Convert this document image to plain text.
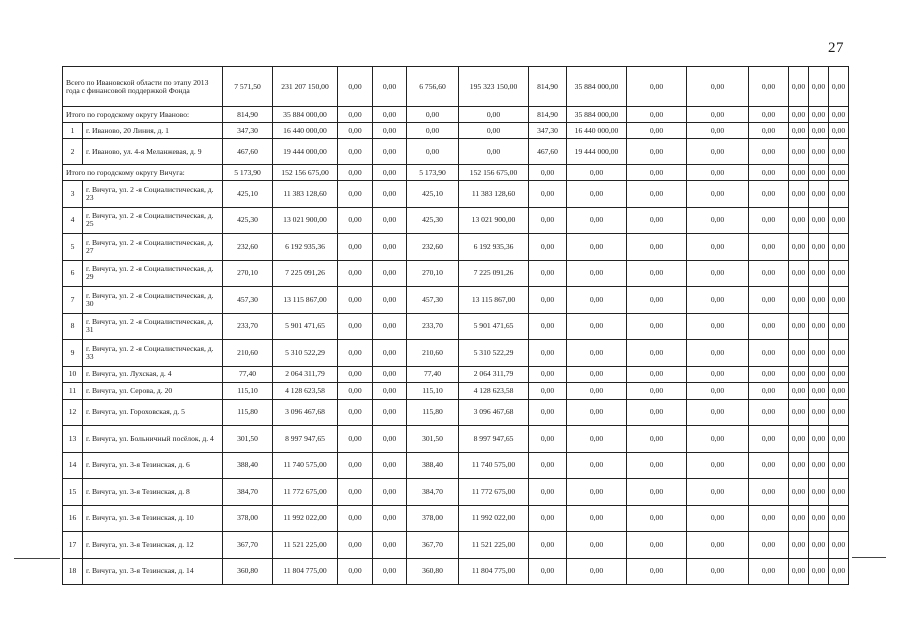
27
Всего по Ивановской области по этапу 2013 года с финансовой поддержкой Фонда		7 571,50	231 207 150,00	0,00	0,00	6 756,60	195 323 150,00	814,90	35 884 000,00	0,00	0,00	0,00	0,00	0,00	0,00
Итого по городскому округу Иваново:		814,90	35 884 000,00	0,00	0,00	0,00	0,00	814,90	35 884 000,00	0,00	0,00	0,00	0,00	0,00	0,00
1	г. Иваново, 20 Линия, д. 1	347,30	16 440 000,00	0,00	0,00	0,00	0,00	347,30	16 440 000,00	0,00	0,00	0,00	0,00	0,00	0,00
2	г. Иваново, ул. 4-я Меланжевая, д. 9	467,60	19 444 000,00	0,00	0,00	0,00	0,00	467,60	19 444 000,00	0,00	0,00	0,00	0,00	0,00	0,00
Итого по городскому округу Вичуга:		5 173,90	152 156 675,00	0,00	0,00	5 173,90	152 156 675,00	0,00	0,00	0,00	0,00	0,00	0,00	0,00	0,00
3	г. Вичуга, ул. 2 -я Социалистическая, д. 23	425,10	11 383 128,60	0,00	0,00	425,10	11 383 128,60	0,00	0,00	0,00	0,00	0,00	0,00	0,00	0,00
4	г. Вичуга, ул. 2 -я Социалистическая, д. 25	425,30	13 021 900,00	0,00	0,00	425,30	13 021 900,00	0,00	0,00	0,00	0,00	0,00	0,00	0,00	0,00
5	г. Вичуга, ул. 2 -я Социалистическая, д. 27	232,60	6 192 935,36	0,00	0,00	232,60	6 192 935,36	0,00	0,00	0,00	0,00	0,00	0,00	0,00	0,00
6	г. Вичуга, ул. 2 -я Социалистическая, д. 29	270,10	7 225 091,26	0,00	0,00	270,10	7 225 091,26	0,00	0,00	0,00	0,00	0,00	0,00	0,00	0,00
7	г. Вичуга, ул. 2 -я Социалистическая, д. 30	457,30	13 115 867,00	0,00	0,00	457,30	13 115 867,00	0,00	0,00	0,00	0,00	0,00	0,00	0,00	0,00
8	г. Вичуга, ул. 2 -я Социалистическая, д. 31	233,70	5 901 471,65	0,00	0,00	233,70	5 901 471,65	0,00	0,00	0,00	0,00	0,00	0,00	0,00	0,00
9	г. Вичуга, ул. 2 -я Социалистическая, д. 33	210,60	5 310 522,29	0,00	0,00	210,60	5 310 522,29	0,00	0,00	0,00	0,00	0,00	0,00	0,00	0,00
10	г. Вичуга, ул. Лухская, д. 4	77,40	2 064 311,79	0,00	0,00	77,40	2 064 311,79	0,00	0,00	0,00	0,00	0,00	0,00	0,00	0,00
11	г. Вичуга, ул. Серова, д. 20	115,10	4 128 623,58	0,00	0,00	115,10	4 128 623,58	0,00	0,00	0,00	0,00	0,00	0,00	0,00	0,00
12	г. Вичуга, ул. Гороховская, д. 5	115,80	3 096 467,68	0,00	0,00	115,80	3 096 467,68	0,00	0,00	0,00	0,00	0,00	0,00	0,00	0,00
13	г. Вичуга, ул. Больничный посёлок, д. 4	301,50	8 997 947,65	0,00	0,00	301,50	8 997 947,65	0,00	0,00	0,00	0,00	0,00	0,00	0,00	0,00
14	г. Вичуга, ул. 3-я Тезинская, д. 6	388,40	11 740 575,00	0,00	0,00	388,40	11 740 575,00	0,00	0,00	0,00	0,00	0,00	0,00	0,00	0,00
15	г. Вичуга, ул. 3-я Тезинская, д. 8	384,70	11 772 675,00	0,00	0,00	384,70	11 772 675,00	0,00	0,00	0,00	0,00	0,00	0,00	0,00	0,00
16	г. Вичуга, ул. 3-я Тезинская, д. 10	378,00	11 992 022,00	0,00	0,00	378,00	11 992 022,00	0,00	0,00	0,00	0,00	0,00	0,00	0,00	0,00
17	г. Вичуга, ул. 3-я Тезинская, д. 12	367,70	11 521 225,00	0,00	0,00	367,70	11 521 225,00	0,00	0,00	0,00	0,00	0,00	0,00	0,00	0,00
18	г. Вичуга, ул. 3-я Тезинская, д. 14	360,80	11 804 775,00	0,00	0,00	360,80	11 804 775,00	0,00	0,00	0,00	0,00	0,00	0,00	0,00	0,00
